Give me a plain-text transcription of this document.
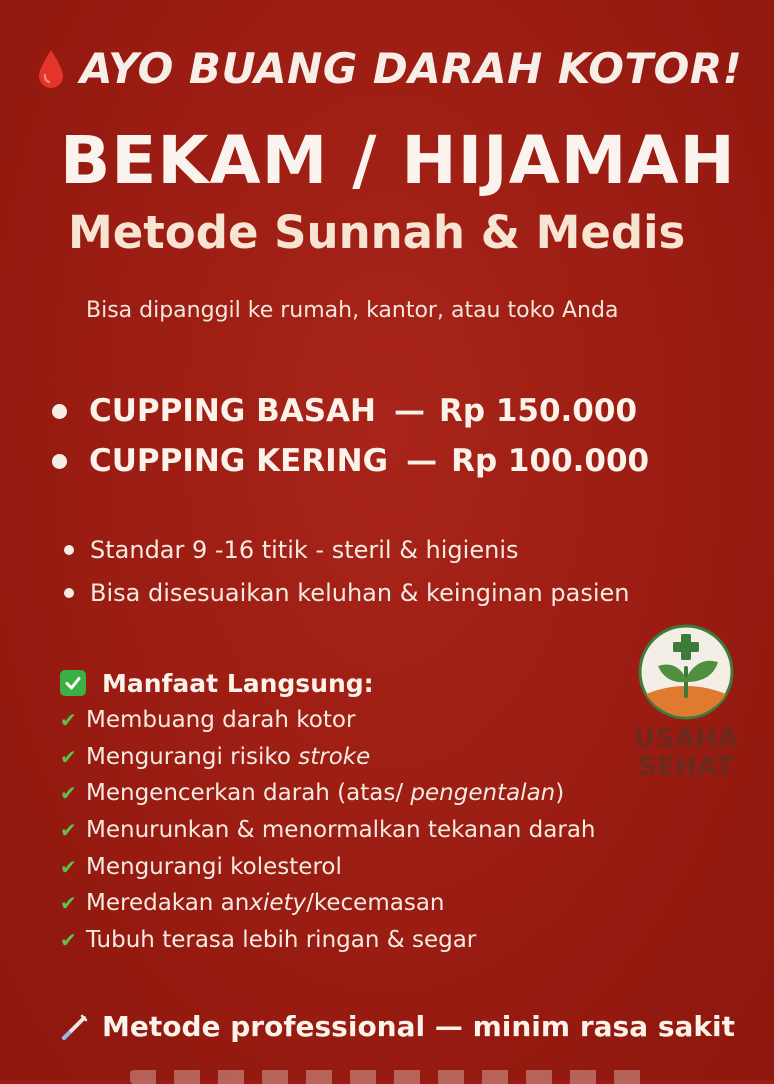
AYO BUANG DARAH KOTOR!
BEKAM / HIJAMAH
Metode Sunnah & Medis
Bisa dipanggil ke rumah, kantor, atau toko Anda
CUPPING BASAH — Rp 150.000
CUPPING KERING — Rp 100.000
Standar 9 -16 titik - steril & higienis
Bisa disesuaikan keluhan & keinginan pasien
Manfaat Langsung:
✔ Membuang darah kotor
✔ Mengurangi risiko stroke
✔ Mengencerkan darah (atas/ pengentalan )
✔ Menurunkan & menormalkan tekanan darah
✔ Mengurangi kolesterol
✔ Meredakan an xiety /kecemasan
✔ Tubuh terasa lebih ringan & segar
USAHA
SEHAT
Metode professional — minim rasa sakit
